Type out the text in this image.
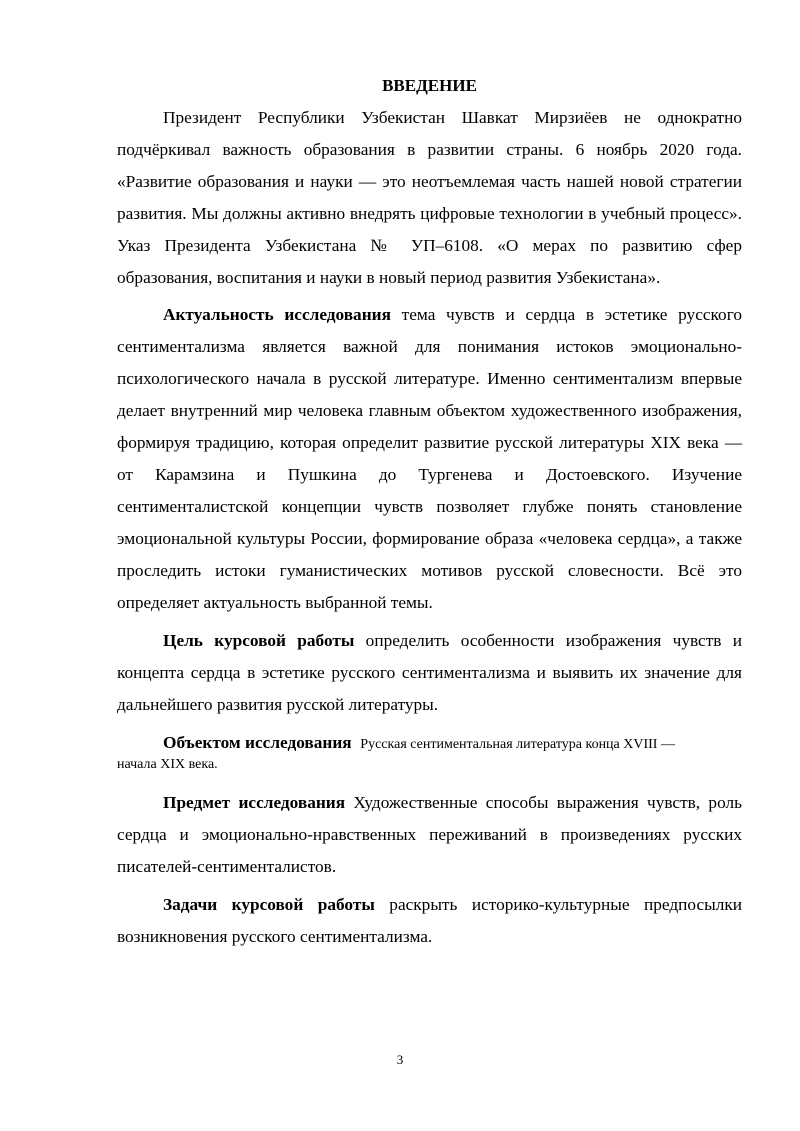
ВВЕДЕНИЕ

Президент Республики Узбекистан Шавкат Мирзиёев не однократно подчёркивал важность образования в развитии страны. 6 ноябрь 2020 года. «Развитие образования и науки — это неотъемлемая часть нашей новой стратегии развития. Мы должны активно внедрять цифровые технологии в учебный процесс». Указ Президента Узбекистана № УП–6108. «О мерах по развитию сфер образования, воспитания и науки в новый период развития Узбекистана».

Актуальность исследования тема чувств и сердца в эстетике русского сентиментализма является важной для понимания истоков эмоционально-психологического начала в русской литературе. Именно сентиментализм впервые делает внутренний мир человека главным объектом художественного изображения, формируя традицию, которая определит развитие русской литературы XIX века — от Карамзина и Пушкина до Тургенева и Достоевского. Изучение сентименталистской концепции чувств позволяет глубже понять становление эмоциональной культуры России, формирование образа «человека сердца», а также проследить истоки гуманистических мотивов русской словесности. Всё это определяет актуальность выбранной темы.

Цель курсовой работы определить особенности изображения чувств и концепта сердца в эстетике русского сентиментализма и выявить их значение для дальнейшего развития русской литературы.

Объектом исследования Русская сентиментальная литература конца XVIII —

начала XIX века.

Предмет исследования Художественные способы выражения чувств, роль сердца и эмоционально-нравственных переживаний в произведениях русских писателей-сентименталистов.

Задачи курсовой работы раскрыть историко-культурные предпосылки возникновения русского сентиментализма.

3
